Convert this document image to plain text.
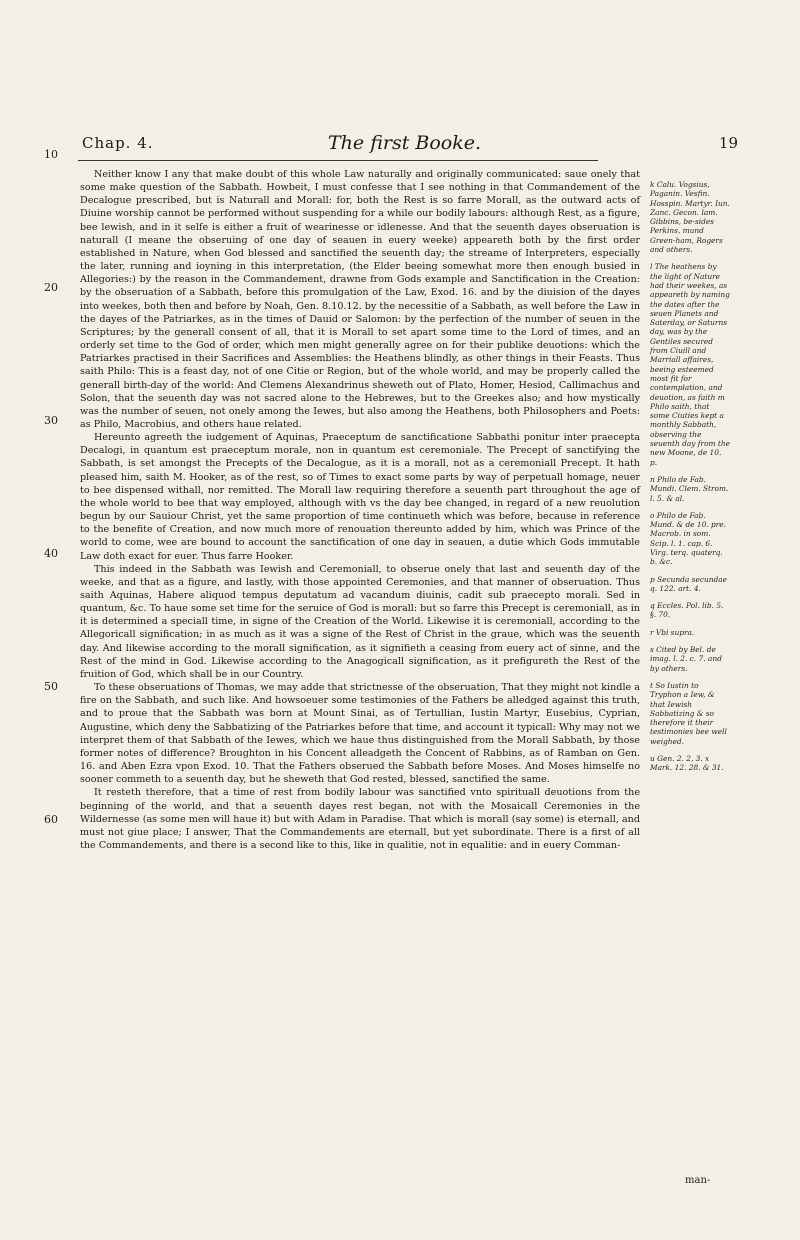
Chap. 4.	The first Booke.	19
10
20
30
40
50
60

Neither know I any that make doubt of this whole Law naturally and originally communicated: saue onely that some make question of the Sabbath. Howbeit, I must confesse that I see nothing in that Commandement of the Decalogue prescribed, but is Naturall and Morall: for, both the Rest is so farre Morall, as the outward acts of Diuine worship cannot be performed without suspending for a while our bodily labours: although Rest, as a figure, bee lewish, and in it selfe is either a fruit of wearinesse or idlenesse. And that the seuenth dayes obseruation is naturall (I meane the obseruing of one day of seauen in euery weeke) appeareth both by the first order established in Nature, when God blessed and sanctified the seuenth day; the streame of Interpreters, especially the later, running and ioyning in this interpretation, (the Elder beeing somewhat more then enough busied in Allegories:) by the reason in the Commandement, drawne from Gods example and Sanctification in the Creation: by the obseruation of a Sabbath, before this promulgation of the Law, Exod. 16. and by the diuision of the dayes into weekes, both then and before by Noah, Gen. 8.10.12. by the necessitie of a Sabbath, as well before the Law in the dayes of the Patriarkes, as in the times of Dauid or Salomon: by the perfection of the number of seuen in the Scriptures; by the generall consent of all, that it is Morall to set apart some time to the Lord of times, and an orderly set time to the God of order, which men might generally agree on for their publike deuotions: which the Patriarkes practised in their Sacrifices and Assemblies: the Heathens blindly, as other things in their Feasts. Thus saith Philo: This is a feast day, not of one Citie or Region, but of the whole world, and may be properly called the generall birth-day of the world: And Clemens Alexandrinus sheweth out of Plato, Homer, Hesiod, Callimachus and Solon, that the seuenth day was not sacred alone to the Hebrewes, but to the Greekes also; and how mystically was the number of seuen, not onely among the Iewes, but also among the Heathens, both Philosophers and Poets: as Philo, Macrobius, and others haue related.

Hereunto agreeth the iudgement of Aquinas, Praeceptum de sanctificatione Sabbathi ponitur inter praecepta Decalogi, in quantum est praeceptum morale, non in quantum est ceremoniale. The Precept of sanctifying the Sabbath, is set amongst the Precepts of the Decalogue, as it is a morall, not as a ceremoniall Precept. It hath pleased him, saith M. Hooker, as of the rest, so of Times to exact some parts by way of perpetuall homage, neuer to bee dispensed withall, nor remitted. The Morall law requiring therefore a seuenth part throughout the age of the whole world to bee that way employed, although with vs the day bee changed, in regard of a new reuolution begun by our Sauiour Christ, yet the same proportion of time continueth which was before, because in reference to the benefite of Creation, and now much more of renouation thereunto added by him, which was Prince of the world to come, wee are bound to account the sanctification of one day in seauen, a dutie which Gods immutable Law doth exact for euer. Thus farre Hooker.

This indeed in the Sabbath was Iewish and Ceremoniall, to obserue onely that last and seuenth day of the weeke, and that as a figure, and lastly, with those appointed Ceremonies, and that manner of obseruation. Thus saith Aquinas, Habere aliquod tempus deputatum ad vacandum diuinis, cadit sub praecepto morali. Sed in quantum, &c. To haue some set time for the seruice of God is morall: but so farre this Precept is ceremoniall, as in it is determined a speciall time, in signe of the Creation of the World. Likewise it is ceremoniall, according to the Allegoricall signification; in as much as it was a signe of the Rest of Christ in the graue, which was the seuenth day. And likewise according to the morall signification, as it signifieth a ceasing from euery act of sinne, and the Rest of the mind in God. Likewise according to the Anagogicall signification, as it prefigureth the Rest of the fruition of God, which shall be in our Country.

To these obseruations of Thomas, we may adde that strictnesse of the obseruation, That they might not kindle a fire on the Sabbath, and such like. And howsoeuer some testimonies of the Fathers be alledged against this truth, and to proue that the Sabbath was born at Mount Sinai, as of Tertullian, Iustin Martyr, Eusebius, Cyprian, Augustine, which deny the Sabbatizing of the Patriarkes before that time, and account it typicall: Why may not we interpret them of that Sabbath of the Iewes, which we haue thus distinguished from the Morall Sabbath, by those former notes of difference? Broughton in his Concent alleadgeth the Concent of Rabbins, as of Ramban on Gen. 16. and Aben Ezra vpon Exod. 10. That the Fathers obserued the Sabbath before Moses. And Moses himselfe no sooner commeth to a seuenth day, but he sheweth that God rested, blessed, sanctified the same.

It resteth therefore, that a time of rest from bodily labour was sanctified vnto spirituall deuotions from the beginning of the world, and that a seuenth dayes rest began, not with the Mosaicall Ceremonies in the Wildernesse (as some men will haue it) but with Adam in Paradise. That which is morall (say some) is eternall, and must not giue place; I answer, That the Commandements are eternall, but yet subordinate. There is a first of all the Commandements, and there is a second like to this, like in qualitie, not in equalitie: and in euery Comman-

k Calu. Vogsius, Paganin. Vesfin. Hosspin. Martyr. Iun. Zanc. Gecon. lam. Gibbins, be-sides Perkins, mund Green-ham, Rogers and others.
l The heathens by the light of Nature had their weekes, as appeareth by naming the dates after the seuen Planets and Saterday, or Saturns day, was by the Gentiles secured from Ciuill and Marriall affaires, beeing esteemed most fit for contemplation, and deuotion, as faith m Philo saith, that some Ciuties kept a monthly Sabbath, observing the seuenth day from the new Moone, de 10. p.
n Philo de Fab. Mundi. Clem. Strom. l. 5. & al.
o Philo de Fab. Mund. & de 10. pre. Macrob. in som. Scip. l. 1. cap. 6. Virg. terq. quaterq. b. &c.
p Secunda secundae q. 122. art. 4.
q Eccles. Pol. lib. 5. §. 70.
r Vbi supra.
s Cited by Bel. de imag. l. 2. c. 7. and by others.
t So Iustin to Tryphon a Iew, & that Iewish Sabbatizing & so therefore it their testimonies bee well weighed.
u Gen. 2. 2, 3. x Mark. 12. 28. & 31.
man-
